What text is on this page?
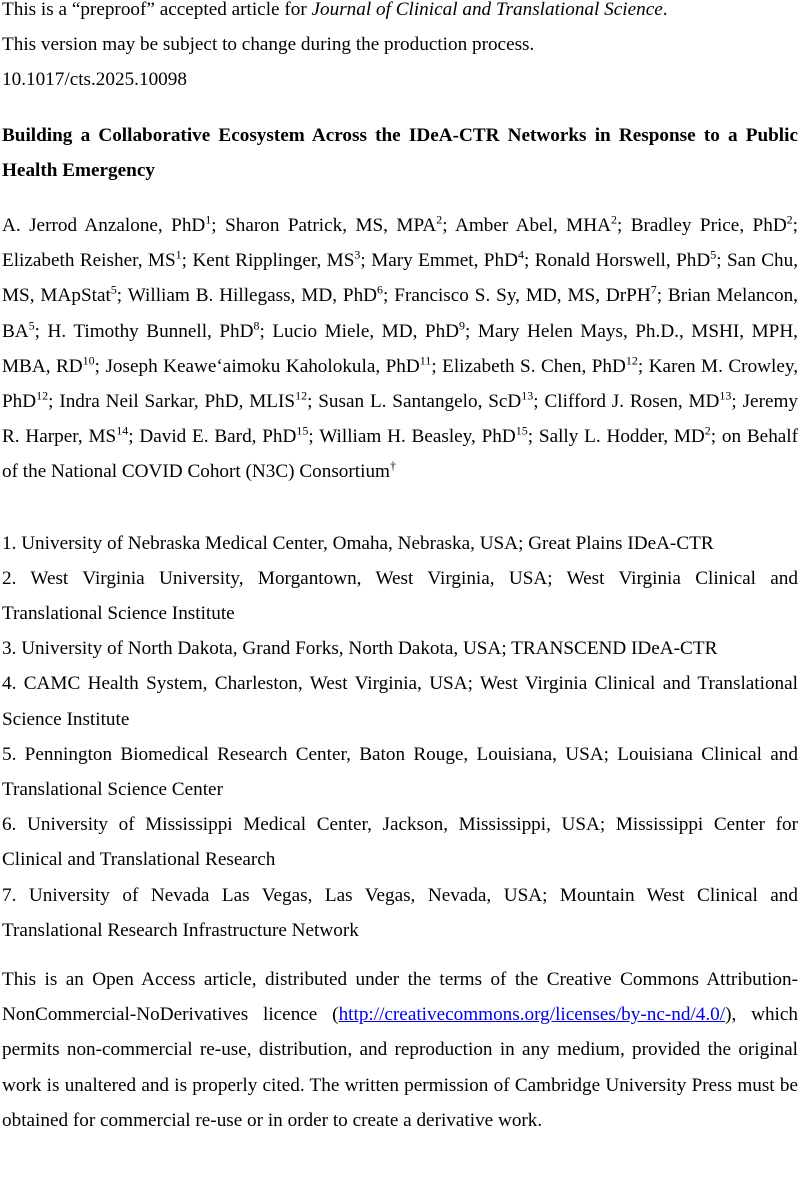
This is a “preproof” accepted article for Journal of Clinical and Translational Science.

This version may be subject to change during the production process.

10.1017/cts.2025.10098

Building a Collaborative Ecosystem Across the IDeA-CTR Networks in Response to a Public Health Emergency

A. Jerrod Anzalone, PhD$^1$; Sharon Patrick, MS, MPA$^2$; Amber Abel, MHA$^2$; Bradley Price, PhD$^2$; Elizabeth Reisher, $MS^1$; Kent Ripplinger, $MS^3$; Mary Emmet, PhD$^4$; Ronald Horswell, PhD$^5$; San Chu, MS, MApStat$^5$; William B. Hillegass, MD, PhD$^6$; Francisco S. Sy, MD, MS, DrPH$^7$; Brian Melancon, $BA^5$; H. Timothy Bunnell, PhD$^8$; Lucio Miele, MD, PhD$^9$; Mary Helen Mays, Ph.D., MSHI, MPH, MBA, RD$^{10}$; Joseph Keawe‘aimoku Kaholokula, PhD$^{11}$; Elizabeth S. Chen, PhD$^{12}$; Karen M. Crowley, PhD$^{12}$; Indra Neil Sarkar, PhD, MLIS$^{12}$; Susan L. Santangelo, ScD$^{13}$; Clifford J. Rosen, MD$^{13}$; Jeremy R. Harper, MS$^{14}$; David E. Bard, PhD$^{15}$; William H. Beasley, PhD$^{15}$; Sally L. Hodder, $MD^2$; on Behalf of the National COVID Cohort (N3C) Consortium†

1. University of Nebraska Medical Center, Omaha, Nebraska, USA; Great Plains IDeA-CTR
2. West Virginia University, Morgantown, West Virginia, USA; West Virginia Clinical and Translational Science Institute
3. University of North Dakota, Grand Forks, North Dakota, USA; TRANSCEND IDeA-CTR
4. CAMC Health System, Charleston, West Virginia, USA; West Virginia Clinical and Translational Science Institute
5. Pennington Biomedical Research Center, Baton Rouge, Louisiana, USA; Louisiana Clinical and Translational Science Center
6. University of Mississippi Medical Center, Jackson, Mississippi, USA; Mississippi Center for Clinical and Translational Research
7. University of Nevada Las Vegas, Las Vegas, Nevada, USA; Mountain West Clinical and Translational Research Infrastructure Network

This is an Open Access article, distributed under the terms of the Creative Commons Attribution-NonCommercial-NoDerivatives licence (http://creativecommons.org/licenses/by-nc-nd/4.0/), which permits non-commercial re-use, distribution, and reproduction in any medium, provided the original work is unaltered and is properly cited. The written permission of Cambridge University Press must be obtained for commercial re-use or in order to create a derivative work.
